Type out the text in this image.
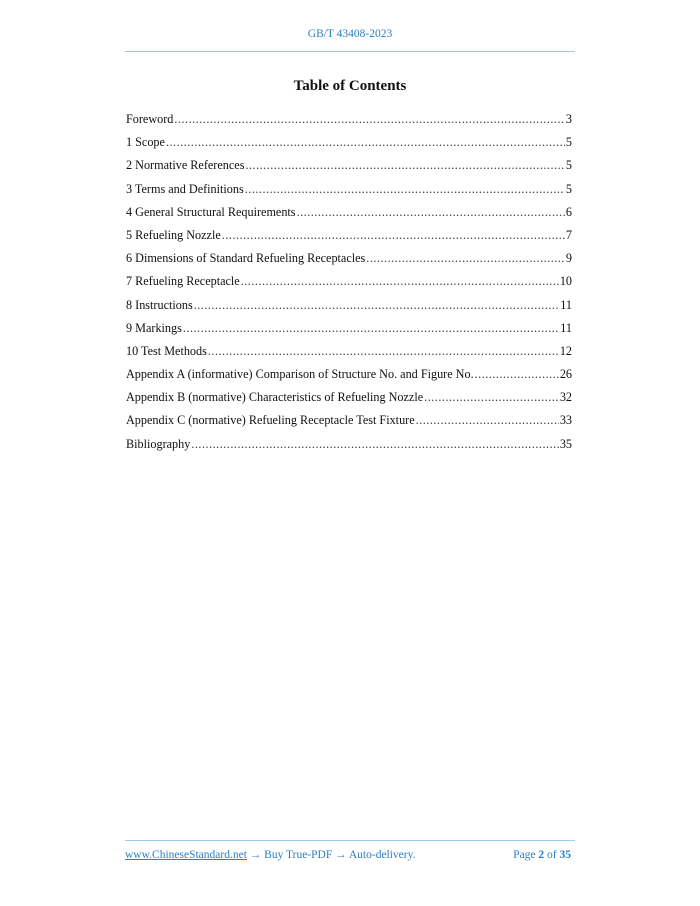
GB/T 43408-2023
Table of Contents
Foreword .....	3
1 Scope .....	5
2 Normative References .....	5
3 Terms and Definitions .....	5
4 General Structural Requirements .....	6
5 Refueling Nozzle .....	7
6 Dimensions of Standard Refueling Receptacles .....	9
7 Refueling Receptacle .....	10
8 Instructions .....	11
9 Markings .....	11
10 Test Methods .....	12
Appendix A (informative) Comparison of Structure No. and Figure No. .....	26
Appendix B (normative) Characteristics of Refueling Nozzle .....	32
Appendix C (normative) Refueling Receptacle Test Fixture .....	33
Bibliography .....	35
www.ChineseStandard.net → Buy True-PDF → Auto-delivery.	Page 2 of 35
